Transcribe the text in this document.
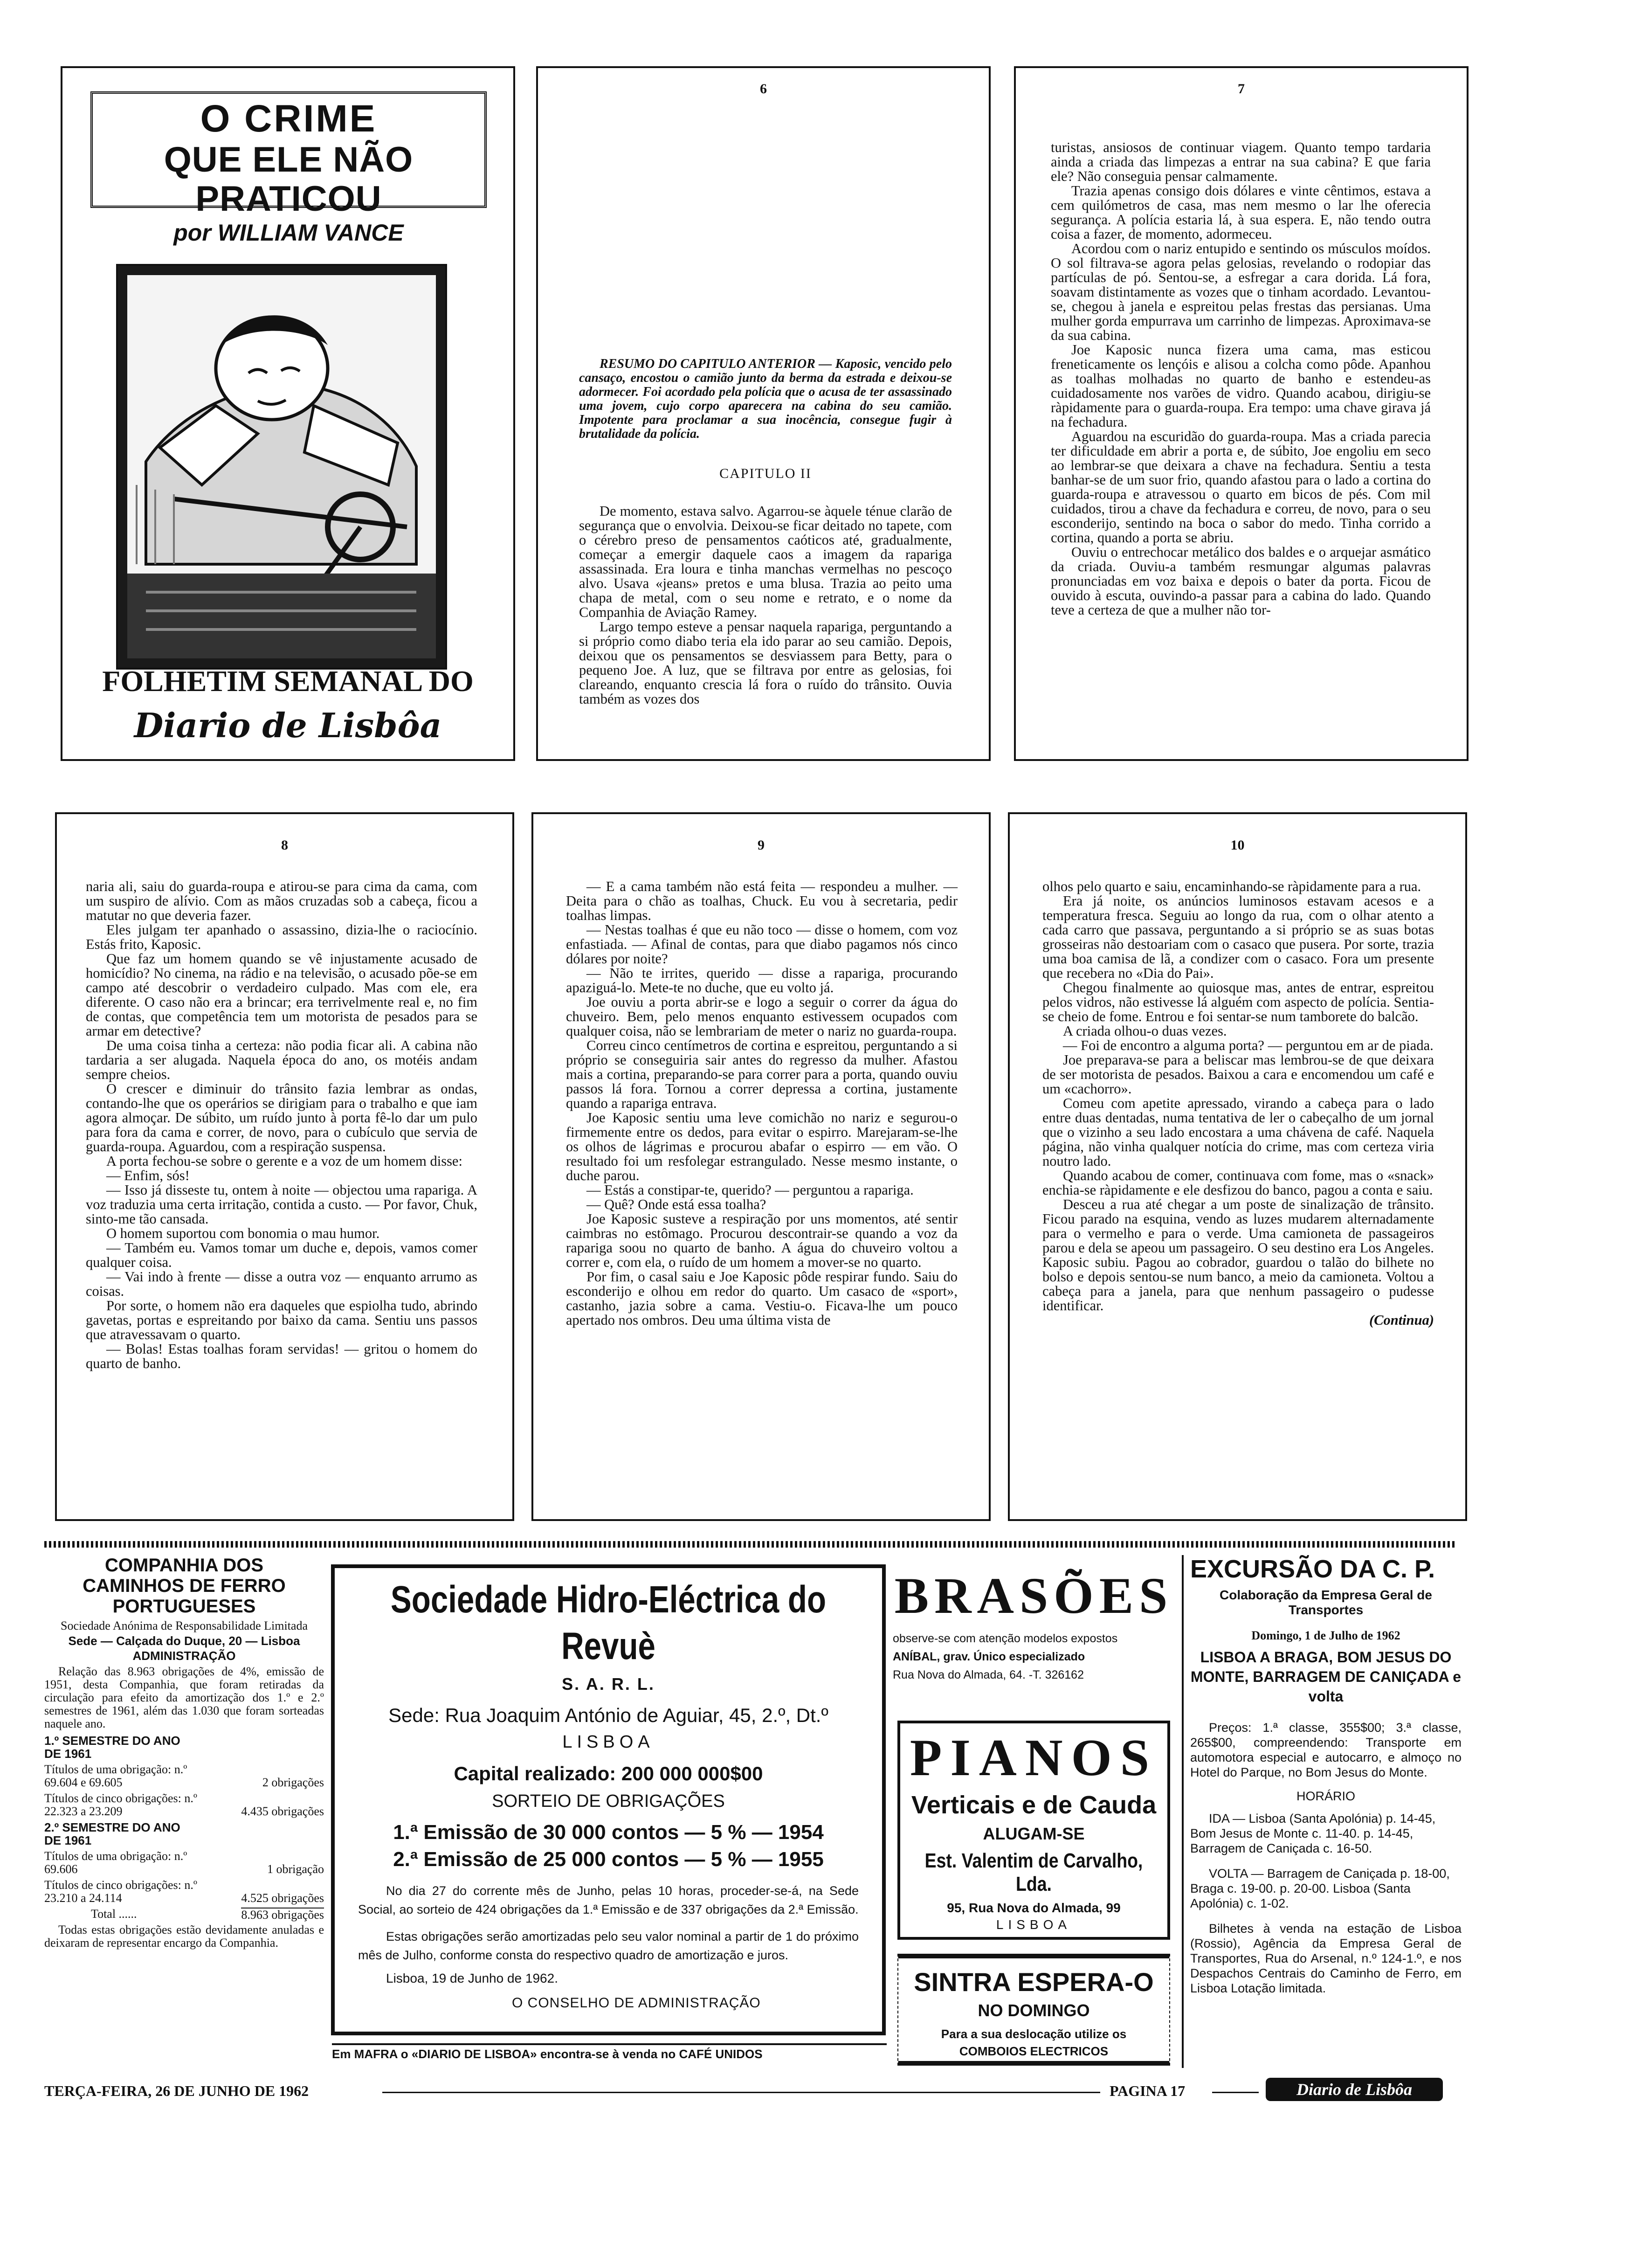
O CRIME
QUE ELE NÃO PRATICOU
por WILLIAM VANCE
FOLHETIM SEMANAL DO
Diario de Lisbôa
6

RESUMO DO CAPITULO ANTERIOR — Kaposic, vencido pelo cansaço, encostou o camião junto da berma da estrada e deixou-se adormecer. Foi acordado pela polícia que o acusa de ter assassinado uma jovem, cujo corpo aparecera na cabina do seu camião. Impotente para proclamar a sua inocência, consegue fugir à brutalidade da polícia.

CAPITULO II

De momento, estava salvo. Agarrou-se àquele ténue clarão de segurança que o envolvia. Deixou-se ficar deitado no tapete, com o cérebro preso de pensamentos caóticos até, gradualmente, começar a emergir daquele caos a imagem da rapariga assassinada. Era loura e tinha manchas vermelhas no pescoço alvo. Usava «jeans» pretos e uma blusa. Trazia ao peito uma chapa de metal, com o seu nome e retrato, e o nome da Companhia de Aviação Ramey.

Largo tempo esteve a pensar naquela rapariga, perguntando a si próprio como diabo teria ela ido parar ao seu camião. Depois, deixou que os pensamentos se desviassem para Betty, para o pequeno Joe. A luz, que se filtrava por entre as gelosias, foi clareando, enquanto crescia lá fora o ruído do trânsito. Ouvia também as vozes dos

7

turistas, ansiosos de continuar viagem. Quanto tempo tardaria ainda a criada das limpezas a entrar na sua cabina? E que faria ele? Não conseguia pensar calmamente.

Trazia apenas consigo dois dólares e vinte cêntimos, estava a cem quilómetros de casa, mas nem mesmo o lar lhe oferecia segurança. A polícia estaria lá, à sua espera. E, não tendo outra coisa a fazer, de momento, adormeceu.

Acordou com o nariz entupido e sentindo os músculos moídos. O sol filtrava-se agora pelas gelosias, revelando o rodopiar das partículas de pó. Sentou-se, a esfregar a cara dorida. Lá fora, soavam distintamente as vozes que o tinham acordado. Levantou-se, chegou à janela e espreitou pelas frestas das persianas. Uma mulher gorda empurrava um carrinho de limpezas. Aproximava-se da sua cabina.

Joe Kaposic nunca fizera uma cama, mas esticou freneticamente os lençóis e alisou a colcha como pôde. Apanhou as toalhas molhadas no quarto de banho e estendeu-as cuidadosamente nos varões de vidro. Quando acabou, dirigiu-se ràpidamente para o guarda-roupa. Era tempo: uma chave girava já na fechadura.

Aguardou na escuridão do guarda-roupa. Mas a criada parecia ter dificuldade em abrir a porta e, de súbito, Joe engoliu em seco ao lembrar-se que deixara a chave na fechadura. Sentiu a testa banhar-se de um suor frio, quando afastou para o lado a cortina do guarda-roupa e atravessou o quarto em bicos de pés. Com mil cuidados, tirou a chave da fechadura e correu, de novo, para o seu esconderijo, sentindo na boca o sabor do medo. Tinha corrido a cortina, quando a porta se abriu.

Ouviu o entrechocar metálico dos baldes e o arquejar asmático da criada. Ouviu-a também resmungar algumas palavras pronunciadas em voz baixa e depois o bater da porta. Ficou de ouvido à escuta, ouvindo-a passar para a cabina do lado. Quando teve a certeza de que a mulher não tor-

8

naria ali, saiu do guarda-roupa e atirou-se para cima da cama, com um suspiro de alívio. Com as mãos cruzadas sob a cabeça, ficou a matutar no que deveria fazer.

Eles julgam ter apanhado o assassino, dizia-lhe o raciocínio. Estás frito, Kaposic.

Que faz um homem quando se vê injustamente acusado de homicídio? No cinema, na rádio e na televisão, o acusado põe-se em campo até descobrir o verdadeiro culpado. Mas com ele, era diferente. O caso não era a brincar; era terrivelmente real e, no fim de contas, que competência tem um motorista de pesados para se armar em detective?

De uma coisa tinha a certeza: não podia ficar ali. A cabina não tardaria a ser alugada. Naquela época do ano, os motéis andam sempre cheios.

O crescer e diminuir do trânsito fazia lembrar as ondas, contando-lhe que os operários se dirigiam para o trabalho e que iam agora almoçar. De súbito, um ruído junto à porta fê-lo dar um pulo para fora da cama e correr, de novo, para o cubículo que servia de guarda-roupa. Aguardou, com a respiração suspensa.

A porta fechou-se sobre o gerente e a voz de um homem disse:

— Enfim, sós!

— Isso já disseste tu, ontem à noite — objectou uma rapariga. A voz traduzia uma certa irritação, contida a custo. — Por favor, Chuk, sinto-me tão cansada.

O homem suportou com bonomia o mau humor.

— Também eu. Vamos tomar um duche e, depois, vamos comer qualquer coisa.

— Vai indo à frente — disse a outra voz — enquanto arrumo as coisas.

Por sorte, o homem não era daqueles que espiolha tudo, abrindo gavetas, portas e espreitando por baixo da cama. Sentiu uns passos que atravessavam o quarto.

— Bolas! Estas toalhas foram servidas! — gritou o homem do quarto de banho.

9

— E a cama também não está feita — respondeu a mulher. — Deita para o chão as toalhas, Chuck. Eu vou à secretaria, pedir toalhas limpas.

— Nestas toalhas é que eu não toco — disse o homem, com voz enfastiada. — Afinal de contas, para que diabo pagamos nós cinco dólares por noite?

— Não te irrites, querido — disse a rapariga, procurando apaziguá-lo. Mete-te no duche, que eu volto já.

Joe ouviu a porta abrir-se e logo a seguir o correr da água do chuveiro. Bem, pelo menos enquanto estivessem ocupados com qualquer coisa, não se lembrariam de meter o nariz no guarda-roupa.

Correu cinco centímetros de cortina e espreitou, perguntando a si próprio se conseguiria sair antes do regresso da mulher. Afastou mais a cortina, preparando-se para correr para a porta, quando ouviu passos lá fora. Tornou a correr depressa a cortina, justamente quando a rapariga entrava.

Joe Kaposic sentiu uma leve comichão no nariz e segurou-o firmemente entre os dedos, para evitar o espirro. Marejaram-se-lhe os olhos de lágrimas e procurou abafar o espirro — em vão. O resultado foi um resfolegar estrangulado. Nesse mesmo instante, o duche parou.

— Estás a constipar-te, querido? — perguntou a rapariga.

— Quê? Onde está essa toalha?

Joe Kaposic susteve a respiração por uns momentos, até sentir caimbras no estômago. Procurou descontrair-se quando a voz da rapariga soou no quarto de banho. A água do chuveiro voltou a correr e, com ela, o ruído de um homem a mover-se no quarto.

Por fim, o casal saiu e Joe Kaposic pôde respirar fundo. Saiu do esconderijo e olhou em redor do quarto. Um casaco de «sport», castanho, jazia sobre a cama. Vestiu-o. Ficava-lhe um pouco apertado nos ombros. Deu uma última vista de

10

olhos pelo quarto e saiu, encaminhando-se ràpidamente para a rua.

Era já noite, os anúncios luminosos estavam acesos e a temperatura fresca. Seguiu ao longo da rua, com o olhar atento a cada carro que passava, perguntando a si próprio se as suas botas grosseiras não destoariam com o casaco que pusera. Por sorte, trazia uma boa camisa de lã, a condizer com o casaco. Fora um presente que recebera no «Dia do Pai».

Chegou finalmente ao quiosque mas, antes de entrar, espreitou pelos vidros, não estivesse lá alguém com aspecto de polícia. Sentia-se cheio de fome. Entrou e foi sentar-se num tamborete do balcão.

A criada olhou-o duas vezes.

— Foi de encontro a alguma porta? — perguntou em ar de piada.

Joe preparava-se para a beliscar mas lembrou-se de que deixara de ser motorista de pesados. Baixou a cara e encomendou um café e um «cachorro».

Comeu com apetite apressado, virando a cabeça para o lado entre duas dentadas, numa tentativa de ler o cabeçalho de um jornal que o vizinho a seu lado encostara a uma chávena de café. Naquela página, não vinha qualquer notícia do crime, mas com certeza viria noutro lado.

Quando acabou de comer, continuava com fome, mas o «snack» enchia-se ràpidamente e ele desfizou do banco, pagou a conta e saiu.

Desceu a rua até chegar a um poste de sinalização de trânsito. Ficou parado na esquina, vendo as luzes mudarem alternadamente para o vermelho e para o verde. Uma camioneta de passageiros parou e dela se apeou um passageiro. O seu destino era Los Angeles. Kaposic subiu. Pagou ao cobrador, guardou o talão do bilhete no bolso e depois sentou-se num banco, a meio da camioneta. Voltou a cabeça para a janela, para que nenhum passageiro o pudesse identificar.

(Continua)
COMPANHIA DOS CAMINHOS DE FERRO PORTUGUESES
Sociedade Anónima de Responsabilidade Limitada
Sede — Calçada do Duque, 20 — Lisboa
ADMINISTRAÇÃO
Relação das 8.963 obrigações de 4%, emissão de 1951, desta Companhia, que foram retiradas da circulação para efeito da amortização dos 1.º e 2.º semestres de 1961, além das 1.030 que foram sorteadas naquele ano.
1.º SEMESTRE DO ANO DE 1961
Títulos de uma obrigação: n.º 69.604 e 69.605	2 obrigações
Títulos de cinco obrigações: n.º 22.323 a 23.209	4.435 obrigações
2.º SEMESTRE DO ANO DE 1961
Títulos de uma obrigação: n.º 69.606	1 obrigação
Títulos de cinco obrigações: n.º 23.210 a 24.114	4.525 obrigações
Total ......	8.963 obrigações
Todas estas obrigações estão devidamente anuladas e deixaram de representar encargo da Companhia.
Sociedade Hidro-Eléctrica do Revuè
S. A. R. L.
Sede: Rua Joaquim António de Aguiar, 45, 2.º, Dt.º
LISBOA
Capital realizado: 200 000 000$00
SORTEIO DE OBRIGAÇÕES
1.ª Emissão de 30 000 contos — 5 % — 1954
2.ª Emissão de 25 000 contos — 5 % — 1955
No dia 27 do corrente mês de Junho, pelas 10 horas, proceder-se-á, na Sede Social, ao sorteio de 424 obrigações da 1.ª Emissão e de 337 obrigações da 2.ª Emissão.
Estas obrigações serão amortizadas pelo seu valor nominal a partir de 1 do próximo mês de Julho, conforme consta do respectivo quadro de amortização e juros.
Lisboa, 19 de Junho de 1962.
O CONSELHO DE ADMINISTRAÇÃO
Em MAFRA o «DIARIO DE LISBOA» encontra-se à venda no CAFÉ UNIDOS
BRASÕES
observe-se com atenção modelos expostos
ANÍBAL, grav. Único especializado
Rua Nova do Almada, 64. -T. 326162
PIANOS
Verticais e de Cauda
ALUGAM-SE
Est. Valentim de Carvalho, Lda.
95, Rua Nova do Almada, 99
LISBOA
SINTRA ESPERA-O
NO DOMINGO
Para a sua deslocação utilize os
COMBOIOS ELECTRICOS
EXCURSÃO DA C. P.
Colaboração da Empresa Geral de Transportes
Domingo, 1 de Julho de 1962
LISBOA A BRAGA, BOM JESUS DO MONTE, BARRAGEM DE CANIÇADA e volta
Preços: 1.ª classe, 355$00; 3.ª classe, 265$00, compreendendo: Transporte em automotora especial e autocarro, e almoço no Hotel do Parque, no Bom Jesus do Monte.
HORÁRIO
IDA — Lisboa (Santa Apolónia) p. 14-45, Bom Jesus de Monte c. 11-40. p. 14-45, Barragem de Caniçada c. 16-50.
VOLTA — Barragem de Caniçada p. 18-00, Braga c. 19-00. p. 20-00. Lisboa (Santa Apolónia) c. 1-02.
Bilhetes à venda na estação de Lisboa (Rossio), Agência da Empresa Geral de Transportes, Rua do Arsenal, n.º 124-1.º, e nos Despachos Centrais do Caminho de Ferro, em Lisboa Lotação limitada.
TERÇA-FEIRA, 26 DE JUNHO DE 1962	PAGINA 17	Diario de Lisbôa
